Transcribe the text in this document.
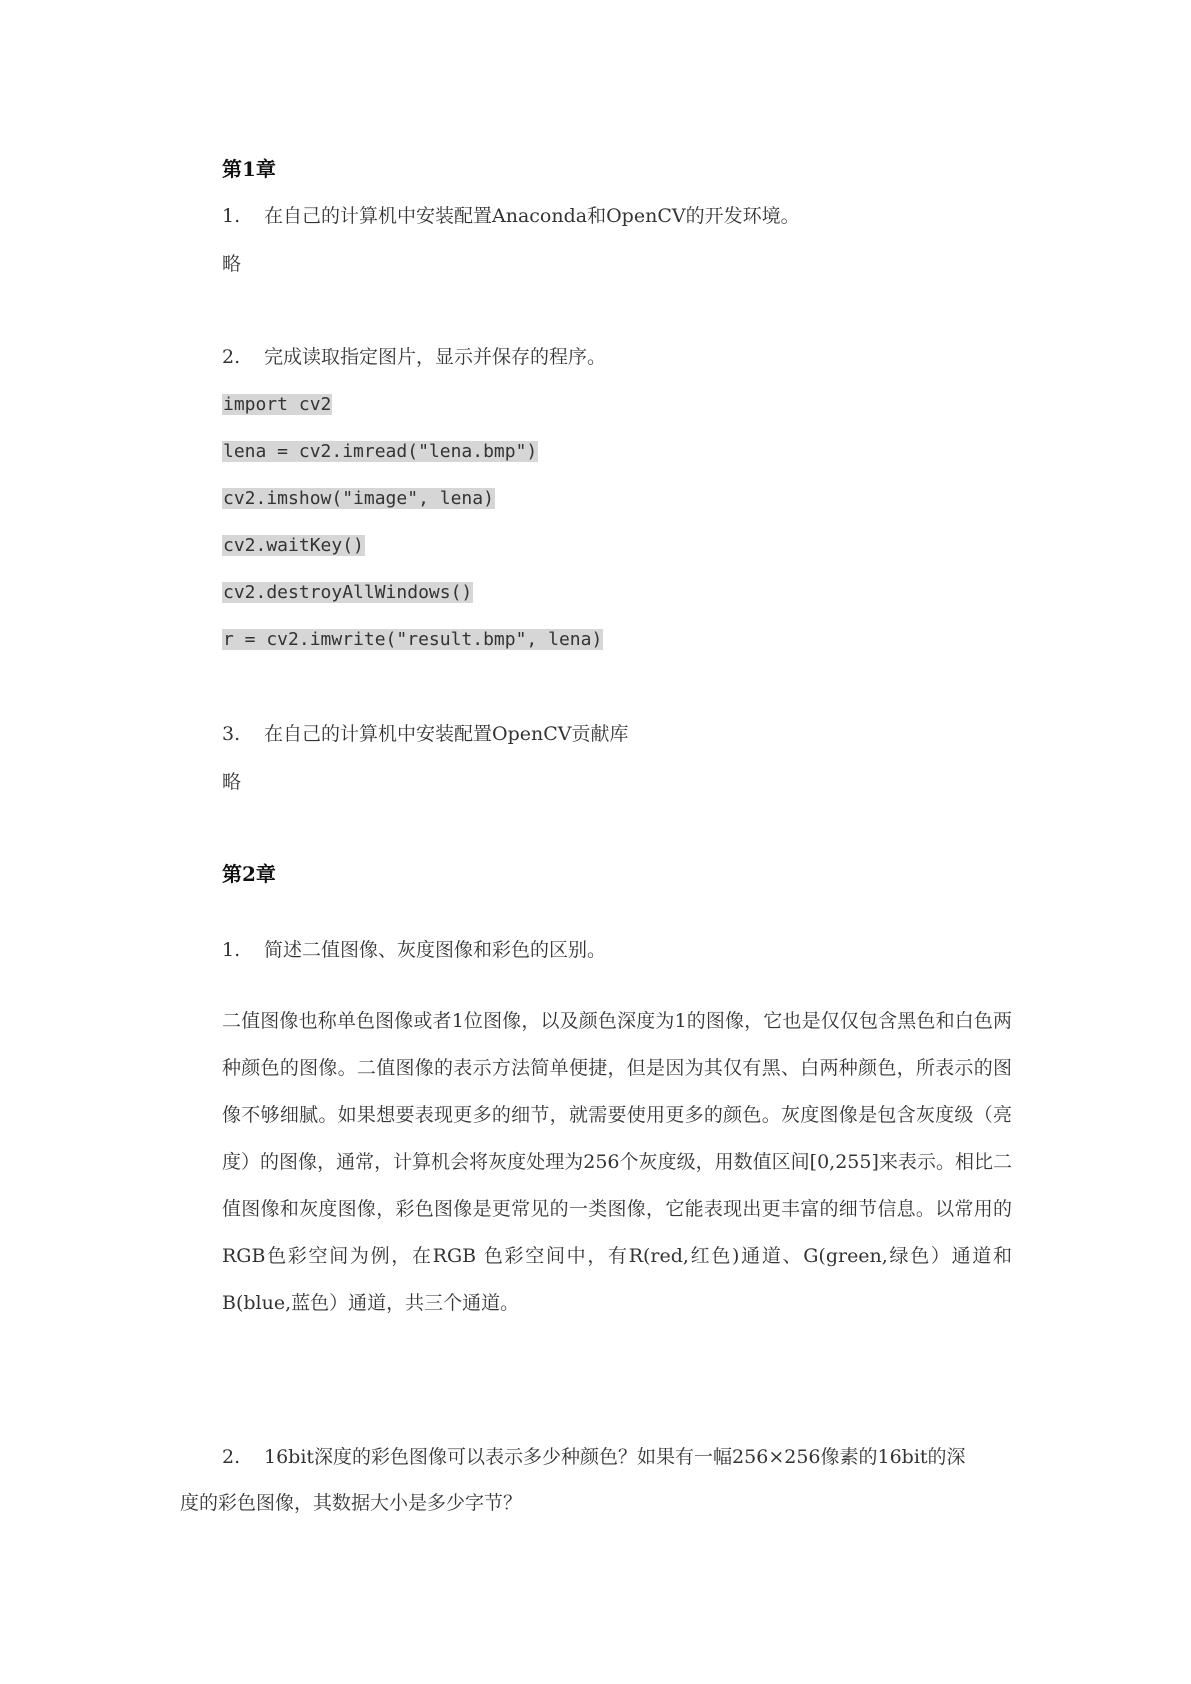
第1章
1. 在自己的计算机中安装配置Anaconda和OpenCV的开发环境。
略
2. 完成读取指定图片，显示并保存的程序。
import cv2
lena = cv2.imread("lena.bmp")
cv2.imshow("image", lena)
cv2.waitKey()
cv2.destroyAllWindows()
r = cv2.imwrite("result.bmp", lena)
3. 在自己的计算机中安装配置OpenCV贡献库
略
第2章
1. 简述二值图像、灰度图像和彩色的区别。
二值图像也称单色图像或者1位图像，以及颜色深度为1的图像，它也是仅仅包含黑色和白色两种颜色的图像。二值图像的表示方法简单便捷，但是因为其仅有黑、白两种颜色，所表示的图像不够细腻。如果想要表现更多的细节，就需要使用更多的颜色。灰度图像是包含灰度级（亮度）的图像，通常，计算机会将灰度处理为256个灰度级，用数值区间[0,255]来表示。相比二值图像和灰度图像，彩色图像是更常见的一类图像，它能表现出更丰富的细节信息。以常用的RGB色彩空间为例，在RGB 色彩空间中，有R(red,红色)通道、G(green,绿色）通道和B(blue,蓝色）通道，共三个通道。
2. 16bit深度的彩色图像可以表示多少种颜色？如果有一幅256×256像素的16bit的深
度的彩色图像，其数据大小是多少字节？
